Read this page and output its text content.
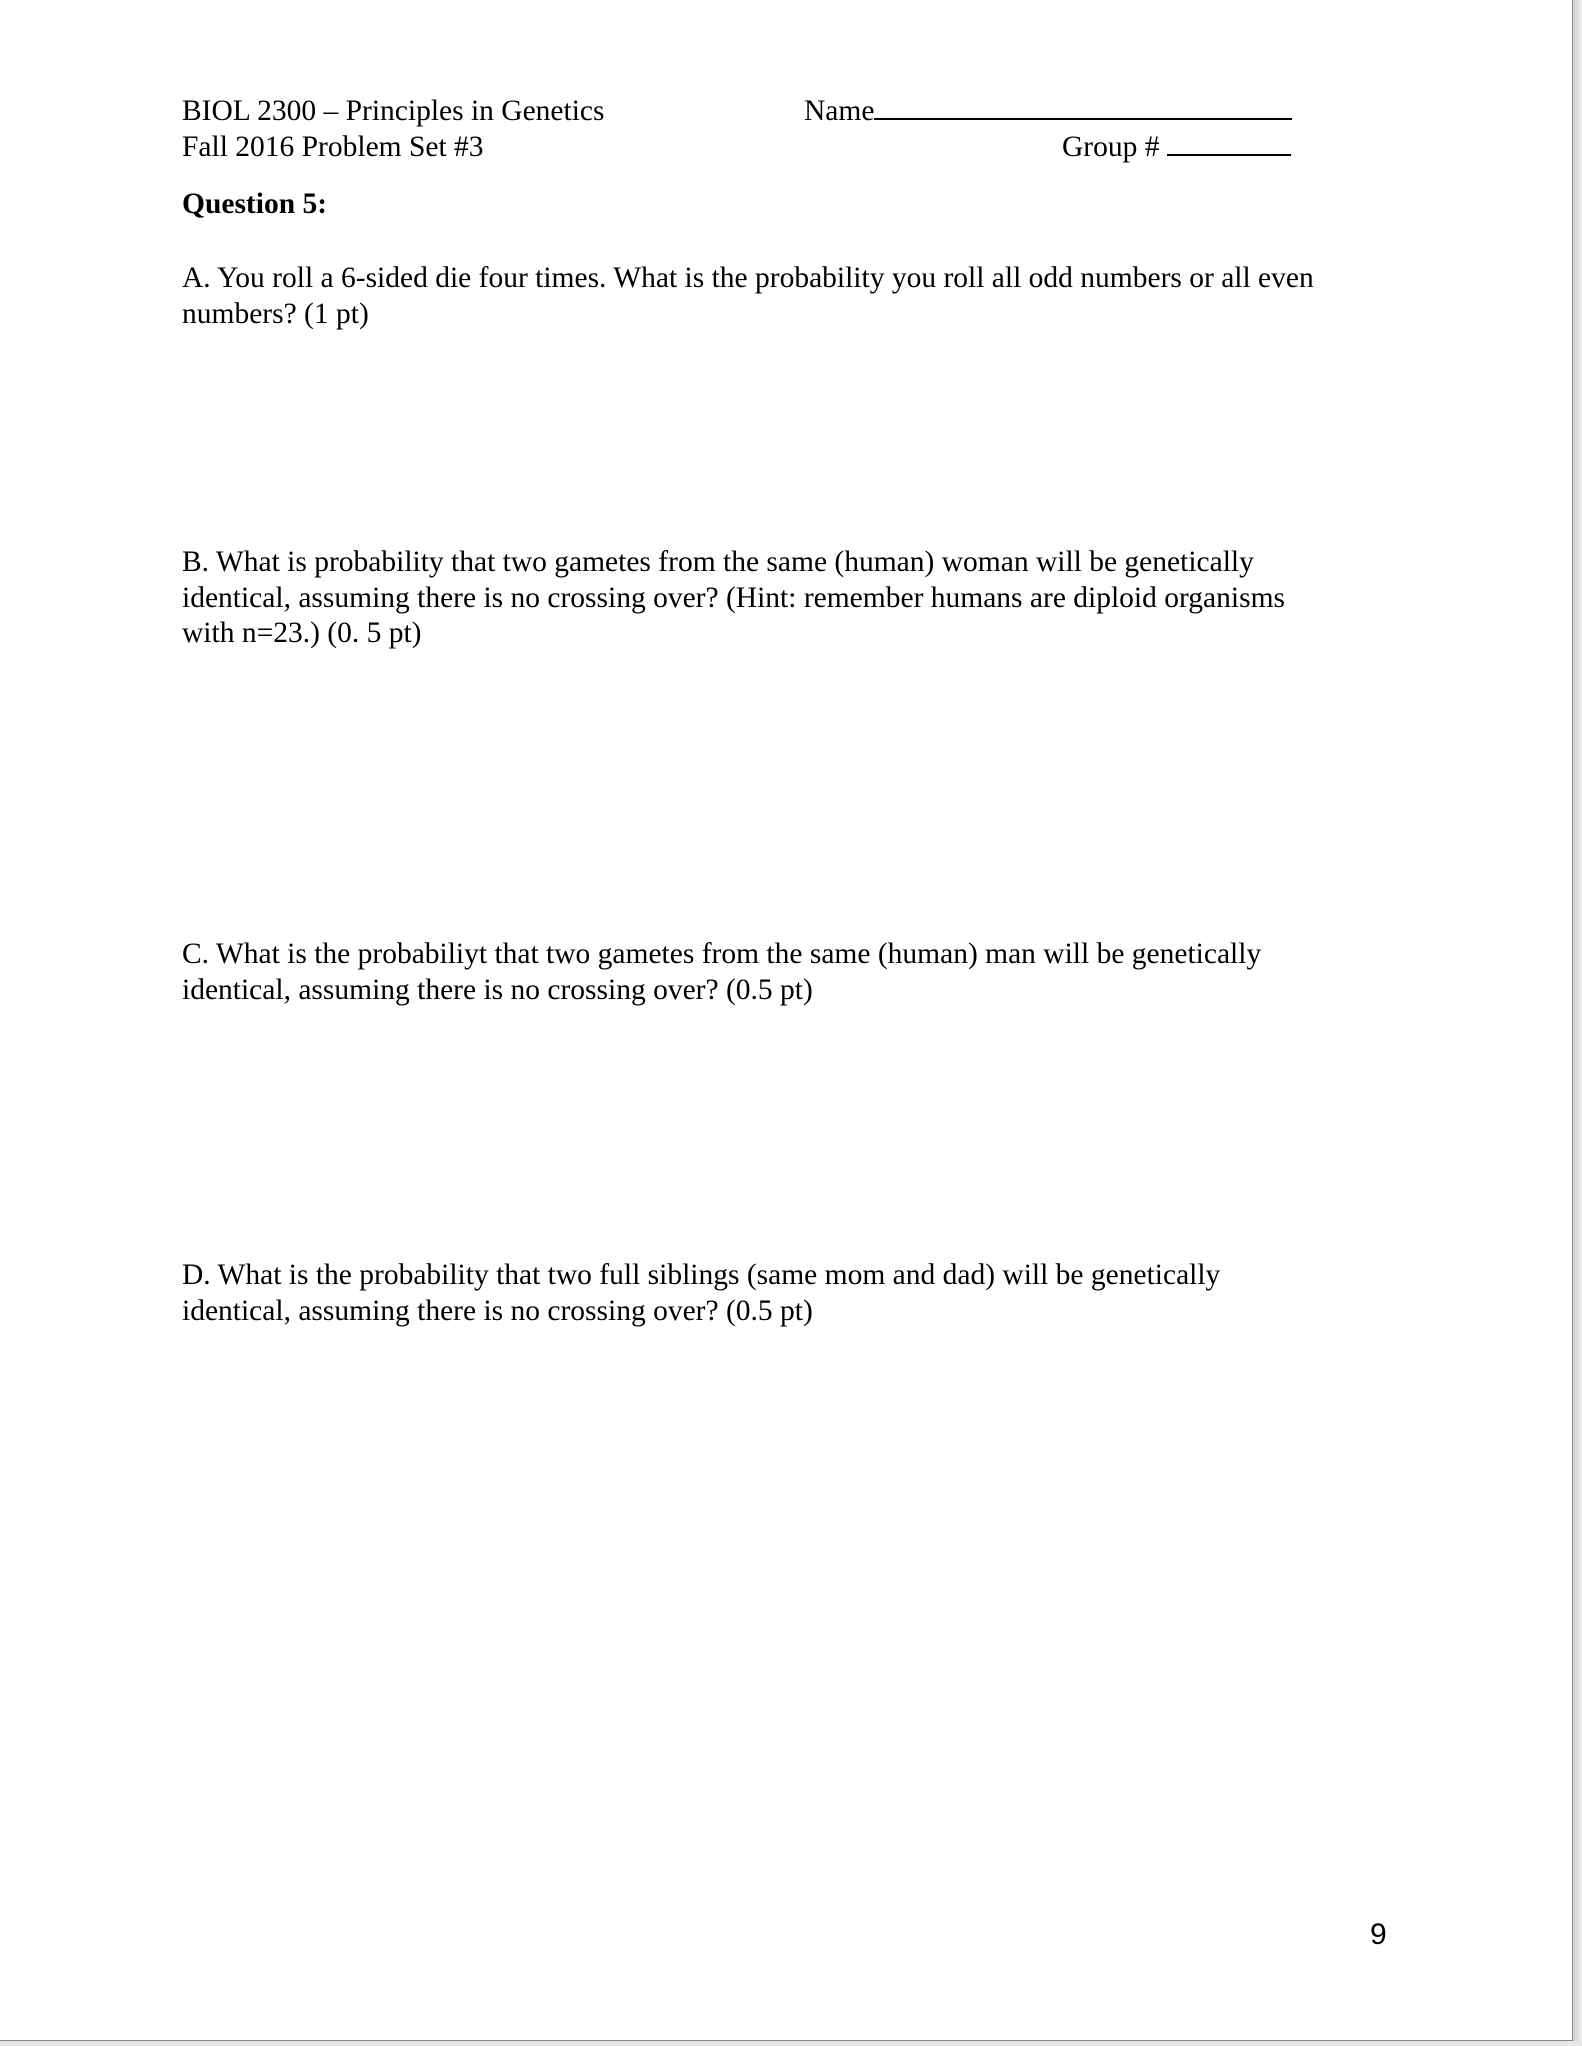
BIOL 2300 – Principles in Genetics
Fall 2016 Problem Set #3
Name
Group #
Question 5:
A. You roll a 6-sided die four times. What is the probability you roll all odd numbers or all even
numbers? (1 pt)
B. What is probability that two gametes from the same (human) woman will be genetically
identical, assuming there is no crossing over? (Hint: remember humans are diploid organisms
with n=23.) (0. 5 pt)
C. What is the probabiliyt that two gametes from the same (human) man will be genetically
identical, assuming there is no crossing over? (0.5 pt)
D. What is the probability that two full siblings (same mom and dad) will be genetically
identical, assuming there is no crossing over? (0.5 pt)
9
